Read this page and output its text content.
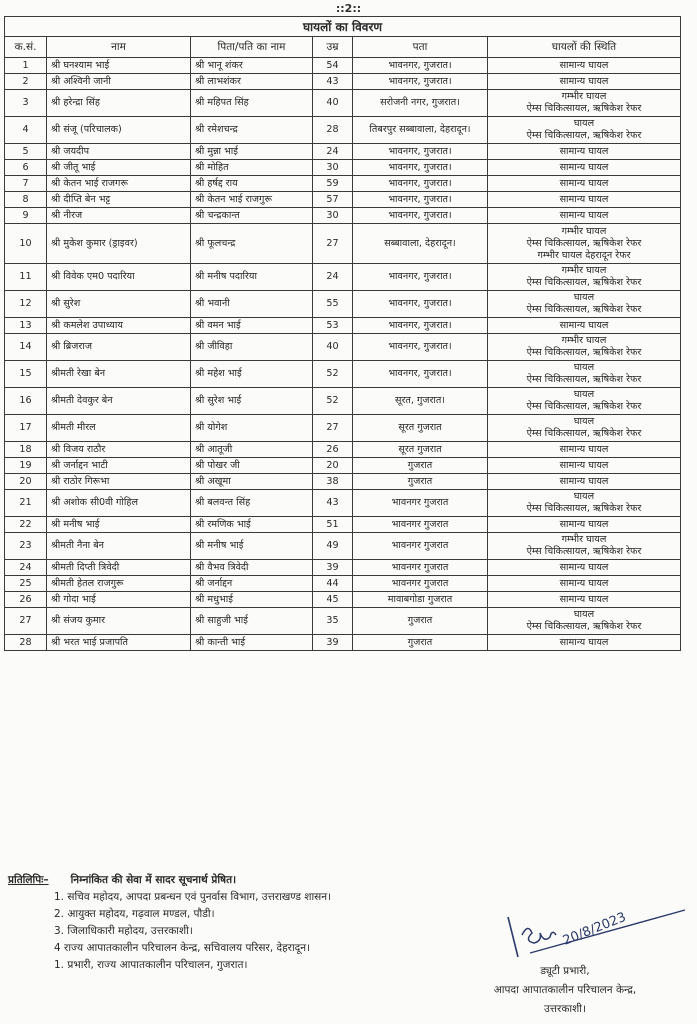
::2::
घायलों का विवरण					
क.सं.	नाम	पिता/पति का नाम	उम्र	पता	घायलों की स्थिति
1	श्री घनश्याम भाई	श्री भानू शंकर	54	भावनगर, गुजरात।	सामान्य घायल
2	श्री अश्विनी जानी	श्री लाभशंकर	43	भावनगर, गुजरात।	सामान्य घायल
3	श्री हरेन्द्रा सिंह	श्री महिपत सिंह	40	सरोजनी नगर, गुजरात।	गम्भीर घायल
ऐम्स चिकित्सायल, ऋषिकेश रेफर
4	श्री संजू (परिचालक)	श्री रमेशचन्द्र	28	तिबरपुर सब्बावाला, देहरादून।	घायल
ऐम्स चिकित्सायल, ऋषिकेश रेफर
5	श्री जयदीप	श्री मुन्ना भाई	24	भावनगर, गुजरात।	सामान्य घायल
6	श्री जीतू भाई	श्री मोहित	30	भावनगर, गुजरात।	सामान्य घायल
7	श्री केतन भाई राजगरू	श्री हर्षद्द राय	59	भावनगर, गुजरात।	सामान्य घायल
8	श्री दीप्ति बेन भट्ट	श्री केतन भाई राजगुरू	57	भावनगर, गुजरात।	सामान्य घायल
9	श्री नीरज	श्री चन्द्रकान्त	30	भावनगर, गुजरात।	सामान्य घायल
10	श्री मुकेश कुमार (ड्राइवर)	श्री फूलचन्द्र	27	सब्बावाला, देहरादून।	गम्भीर घायल
ऐम्स चिकित्सायल, ऋषिकेश रेफर
गम्भीर घायल देहरादून रेफर
11	श्री विवेक एम0 पदारिया	श्री मनीष पदारिया	24	भावनगर, गुजरात।	गम्भीर घायल
ऐम्स चिकित्सायल, ऋषिकेश रेफर
12	श्री सुरेश	श्री भवानी	55	भावनगर, गुजरात।	घायल
ऐम्स चिकित्सायल, ऋषिकेश रेफर
13	श्री कमलेश उपाध्याय	श्री वमन भाई	53	भावनगर, गुजरात।	सामान्य घायल
14	श्री ब्रिजराज	श्री जीविहा	40	भावनगर, गुजरात।	गम्भीर घायल
ऐम्स चिकित्सायल, ऋषिकेश रेफर
15	श्रीमती रेखा बेन	श्री महेश भाई	52	भावनगर, गुजरात।	घायल
ऐम्स चिकित्सायल, ऋषिकेश रेफर
16	श्रीमती देवकुर बेन	श्री सुरेश भाई	52	सूरत, गुजरात।	घायल
ऐम्स चिकित्सायल, ऋषिकेश रेफर
17	श्रीमती मीरल	श्री योगेश	27	सूरत गुजरात	घायल
ऐम्स चिकित्सायल, ऋषिकेश रेफर
18	श्री विजय राठौर	श्री आतूजी	26	सूरत गुजरात	सामान्य घायल
19	श्री जर्नाद्दन भाटी	श्री पोखर जी	20	गुजरात	सामान्य घायल
20	श्री राठोर गिरूभा	श्री अखूमा	38	गुजरात	सामान्य घायल
21	श्री अशोक सी0वी गोहिल	श्री बलवन्त सिंह	43	भावनगर गुजरात	घायल
ऐम्स चिकित्सायल, ऋषिकेश रेफर
22	श्री मनीष भाई	श्री रमणिक भाई	51	भावनगर गुजरात	सामान्य घायल
23	श्रीमती नैना बेन	श्री मनीष भाई	49	भावनगर गुजरात	गम्भीर घायल
ऐम्स चिकित्सायल, ऋषिकेश रेफर
24	श्रीमती दिप्ती त्रिवेदी	श्री वैभव त्रिवेदी	39	भावनगर गुजरात	सामान्य घायल
25	श्रीमती हेतल राजगुरू	श्री जर्नाद्दन	44	भावनगर गुजरात	सामान्य घायल
26	श्री गोदा भाई	श्री मधुभाई	45	मावाबगोडा गुजरात	सामान्य घायल
27	श्री संजय कुमार	श्री साहुजी भाई	35	गुजरात	घायल
ऐम्स चिकित्सायल, ऋषिकेश रेफर
28	श्री भरत भाई प्रजापति	श्री कान्ती भाई	39	गुजरात	सामान्य घायल
प्रतिलिपिः– निम्नांकित की सेवा में सादर सूचनार्थ प्रेषित।
1. सचिव महोदय, आपदा प्रबन्धन एवं पुनर्वास विभाग, उत्तराखण्ड शासन।
2. आयुक्त महोदय, गढ़वाल मण्डल, पौडी।
3. जिलाधिकारी महोदय, उत्तरकाशी।
4 राज्य आपातकालीन परिचालन केन्द्र, सचिवालय परिसर, देहरादून।
1. प्रभारी, राज्य आपातकालीन परिचालन, गुजरात।
20/8/2023
ड्यूटी प्रभारी,
आपदा आपातकालीन परिचालन केन्द्र,
उत्तरकाशी।
